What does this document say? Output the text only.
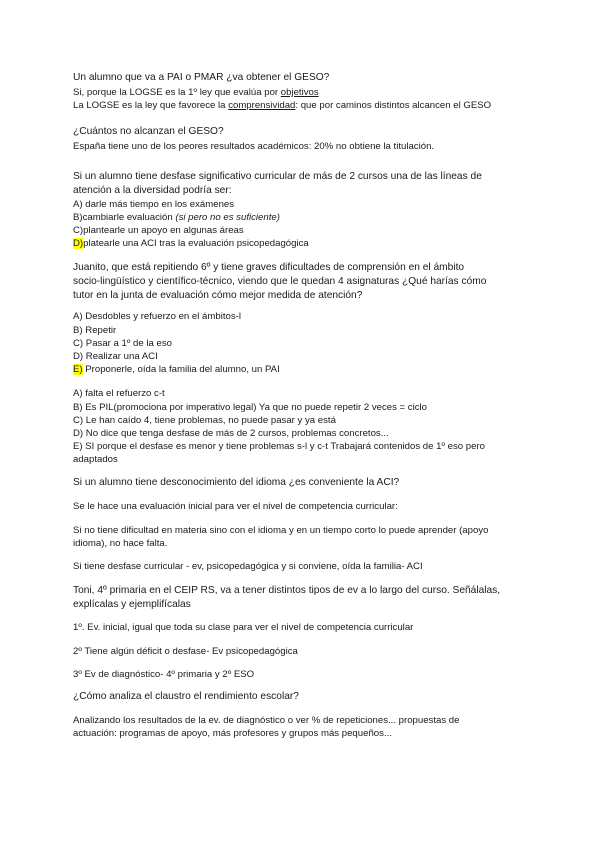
Un alumno que va a PAI o PMAR ¿va obtener el GESO?
Si, porque la LOGSE es la 1º ley que evalúa por objetivos
La LOGSE es la ley que favorece la comprensividad: que por caminos distintos alcancen el GESO
¿Cuántos no alcanzan el GESO?
España tiene uno de los peores resultados académicos: 20% no obtiene la titulación.
Si un alumno tiene desfase significativo curricular de más de 2 cursos una de las líneas de
atención a la diversidad podría ser:
A) darle más tiempo en los exámenes
B)cambiarle evaluación (si pero no es suficiente)
C)plantearle un apoyo en algunas áreas
D)platearle una ACI tras la evaluación psicopedagógica
Juanito, que está repitiendo 6º y tiene graves dificultades de comprensión en el ámbito
socio-lingüístico y científico-técnico, viendo que le quedan 4 asignaturas ¿Qué harías cómo
tutor en la junta de evaluación cómo mejor medida de atención?
A) Desdobles y refuerzo en el ámbitos-l
B) Repetir
C) Pasar a 1º de la eso
D) Realizar una ACI
E) Proponerle, oída la familia del alumno, un PAI
A) falta el refuerzo c-t
B) Es PIL(promociona por imperativo legal) Ya que no puede repetir 2 veces = ciclo
C) Le han caído 4, tiene problemas, no puede pasar y ya está
D) No dice que tenga desfase de más de 2 cursos, problemas concretos...
E) SI porque el desfase es menor y tiene problemas s-l y c-t Trabajará contenidos de 1º eso pero
adaptados
Si un alumno tiene desconocimiento del idioma ¿es conveniente la ACI?
Se le hace una evaluación inicial para ver el nivel de competencia curricular:
Si no tiene dificultad en materia sino con el idioma y en un tiempo corto lo puede aprender (apoyo
idioma), no hace falta.
Si tiene desfase curricular - ev, psicopedagógica y si conviene, oída la familia- ACI
Toni, 4º primaria en el CEIP RS, va a tener distintos tipos de ev a lo largo del curso. Señálalas,
explícalas y ejemplifícalas
1º. Ev. inicial, igual que toda su clase para ver el nivel de competencia curricular
2º Tiene algún déficit o desfase- Ev psicopedagógica
3º Ev de diagnóstico- 4º primaria y 2º ESO
¿Cómo analiza el claustro el rendimiento escolar?
Analizando los resultados de la ev. de diagnóstico o ver % de repeticiones... propuestas de
actuación: programas de apoyo, más profesores y grupos más pequeños...
